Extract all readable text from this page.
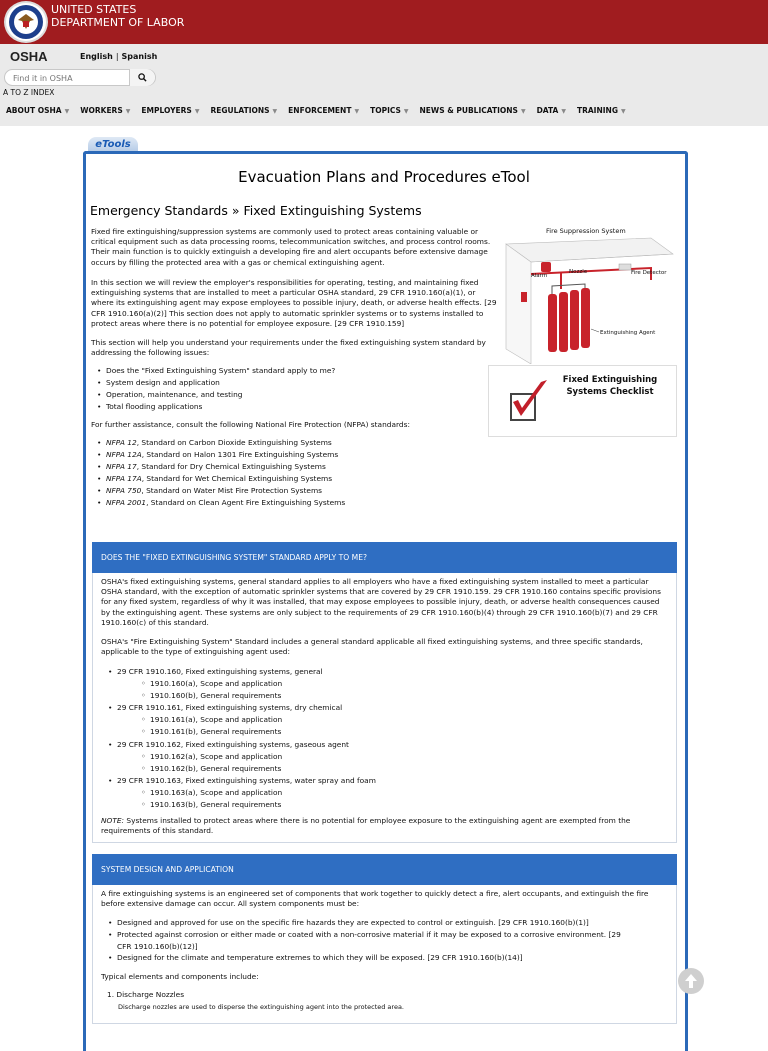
UNITED STATES
DEPARTMENT OF LABOR
OSHA	English | Spanish
Find it in OSHA
A TO Z INDEX
ABOUT OSHA ▼	WORKERS ▼	EMPLOYERS ▼	REGULATIONS ▼	ENFORCEMENT ▼	TOPICS ▼	NEWS & PUBLICATIONS ▼	DATA ▼	TRAINING ▼
eTools
Evacuation Plans and Procedures eTool
Emergency Standards » Fixed Extinguishing Systems
Fixed fire extinguishing/suppression systems are commonly used to protect areas containing valuable or critical equipment such as data processing rooms, telecommunication switches, and process control rooms. Their main function is to quickly extinguish a developing fire and alert occupants before extensive damage occurs by filling the protected area with a gas or chemical extinguishing agent.
In this section we will review the employer's responsibilities for operating, testing, and maintaining fixed extinguishing systems that are installed to meet a particular OSHA standard, 29 CFR 1910.160(a)(1), or where its extinguishing agent may expose employees to possible injury, death, or adverse health effects. [29 CFR 1910.160(a)(2)] This section does not apply to automatic sprinkler systems or to systems installed to protect areas where there is no potential for employee exposure. [29 CFR 1910.159]
This section will help you understand your requirements under the fixed extinguishing system standard by addressing the following issues:
• Does the "Fixed Extinguishing System" standard apply to me?
• System design and application
• Operation, maintenance, and testing
• Total flooding applications
For further assistance, consult the following National Fire Protection (NFPA) standards:
• NFPA 12, Standard on Carbon Dioxide Extinguishing Systems
• NFPA 12A, Standard on Halon 1301 Fire Extinguishing Systems
• NFPA 17, Standard for Dry Chemical Extinguishing Systems
• NFPA 17A, Standard for Wet Chemical Extinguishing Systems
• NFPA 750, Standard on Water Mist Fire Protection Systems
• NFPA 2001, Standard on Clean Agent Fire Extinguishing Systems
Fire Suppression System
Alarm
Nozzle	Fire Detector
Extinguishing Agent
Fixed Extinguishing Systems Checklist
DOES THE "FIXED EXTINGUISHING SYSTEM" STANDARD APPLY TO ME?
OSHA's fixed extinguishing systems, general standard applies to all employers who have a fixed extinguishing system installed to meet a particular OSHA standard, with the exception of automatic sprinkler systems that are covered by 29 CFR 1910.159. 29 CFR 1910.160 contains specific provisions for any fixed system, regardless of why it was installed, that may expose employees to possible injury, death, or adverse health consequences caused by the extinguishing agent. These systems are only subject to the requirements of 29 CFR 1910.160(b)(4) through 29 CFR 1910.160(b)(7) and 29 CFR 1910.160(c) of this standard.
OSHA's "Fire Extinguishing System" Standard includes a general standard applicable all fixed extinguishing systems, and three specific standards, applicable to the type of extinguishing agent used:
• 29 CFR 1910.160, Fixed extinguishing systems, general
◦ 1910.160(a), Scope and application
◦ 1910.160(b), General requirements
• 29 CFR 1910.161, Fixed extinguishing systems, dry chemical
◦ 1910.161(a), Scope and application
◦ 1910.161(b), General requirements
• 29 CFR 1910.162, Fixed extinguishing systems, gaseous agent
◦ 1910.162(a), Scope and application
◦ 1910.162(b), General requirements
• 29 CFR 1910.163, Fixed extinguishing systems, water spray and foam
◦ 1910.163(a), Scope and application
◦ 1910.163(b), General requirements
NOTE: Systems installed to protect areas where there is no potential for employee exposure to the extinguishing agent are exempted from the requirements of this standard.
SYSTEM DESIGN AND APPLICATION
A fire extinguishing systems is an engineered set of components that work together to quickly detect a fire, alert occupants, and extinguish the fire before extensive damage can occur. All system components must be:
• Designed and approved for use on the specific fire hazards they are expected to control or extinguish. [29 CFR 1910.160(b)(1)]
• Protected against corrosion or either made or coated with a non-corrosive material if it may be exposed to a corrosive environment. [29 CFR 1910.160(b)(12)]
• Designed for the climate and temperature extremes to which they will be exposed. [29 CFR 1910.160(b)(14)]
Typical elements and components include:
1. Discharge Nozzles
Discharge nozzles are used to disperse the extinguishing agent into the protected area.
